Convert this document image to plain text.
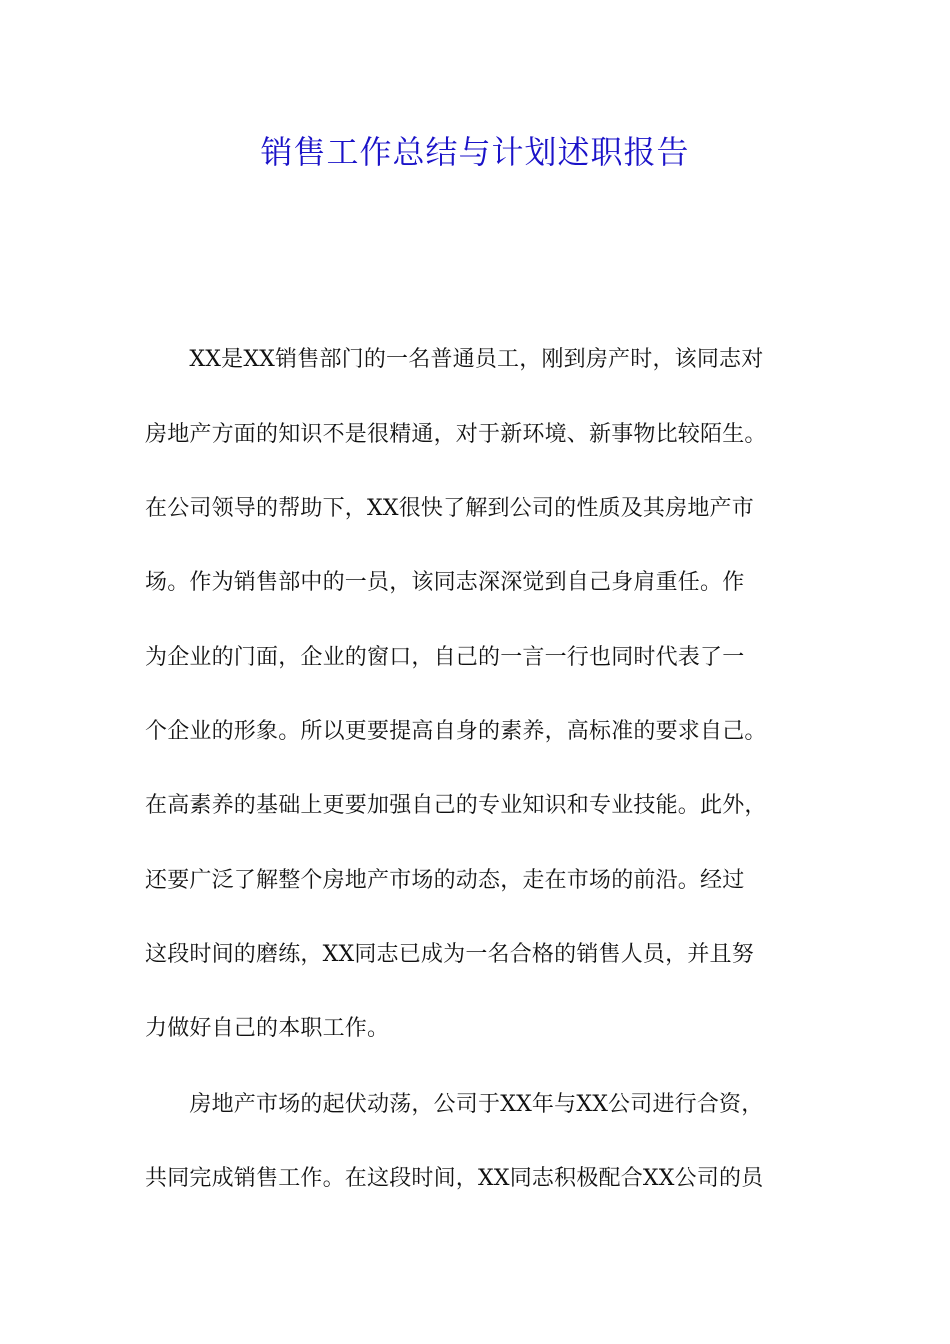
销售工作总结与计划述职报告

　　XX是XX销售部门的一名普通员工，刚到房产时，该同志对

房地产方面的知识不是很精通，对于新环境、新事物比较陌生。

在公司领导的帮助下，XX很快了解到公司的性质及其房地产市

场。作为销售部中的一员，该同志深深觉到自己身肩重任。作

为企业的门面，企业的窗口，自己的一言一行也同时代表了一

个企业的形象。所以更要提高自身的素养，高标准的要求自己。

在高素养的基础上更要加强自己的专业知识和专业技能。此外，

还要广泛了解整个房地产市场的动态，走在市场的前沿。经过

这段时间的磨练，XX同志已成为一名合格的销售人员，并且努

力做好自己的本职工作。

　　房地产市场的起伏动荡，公司于XX年与XX公司进行合资，

共同完成销售工作。在这段时间，XX同志积极配合XX公司的员
